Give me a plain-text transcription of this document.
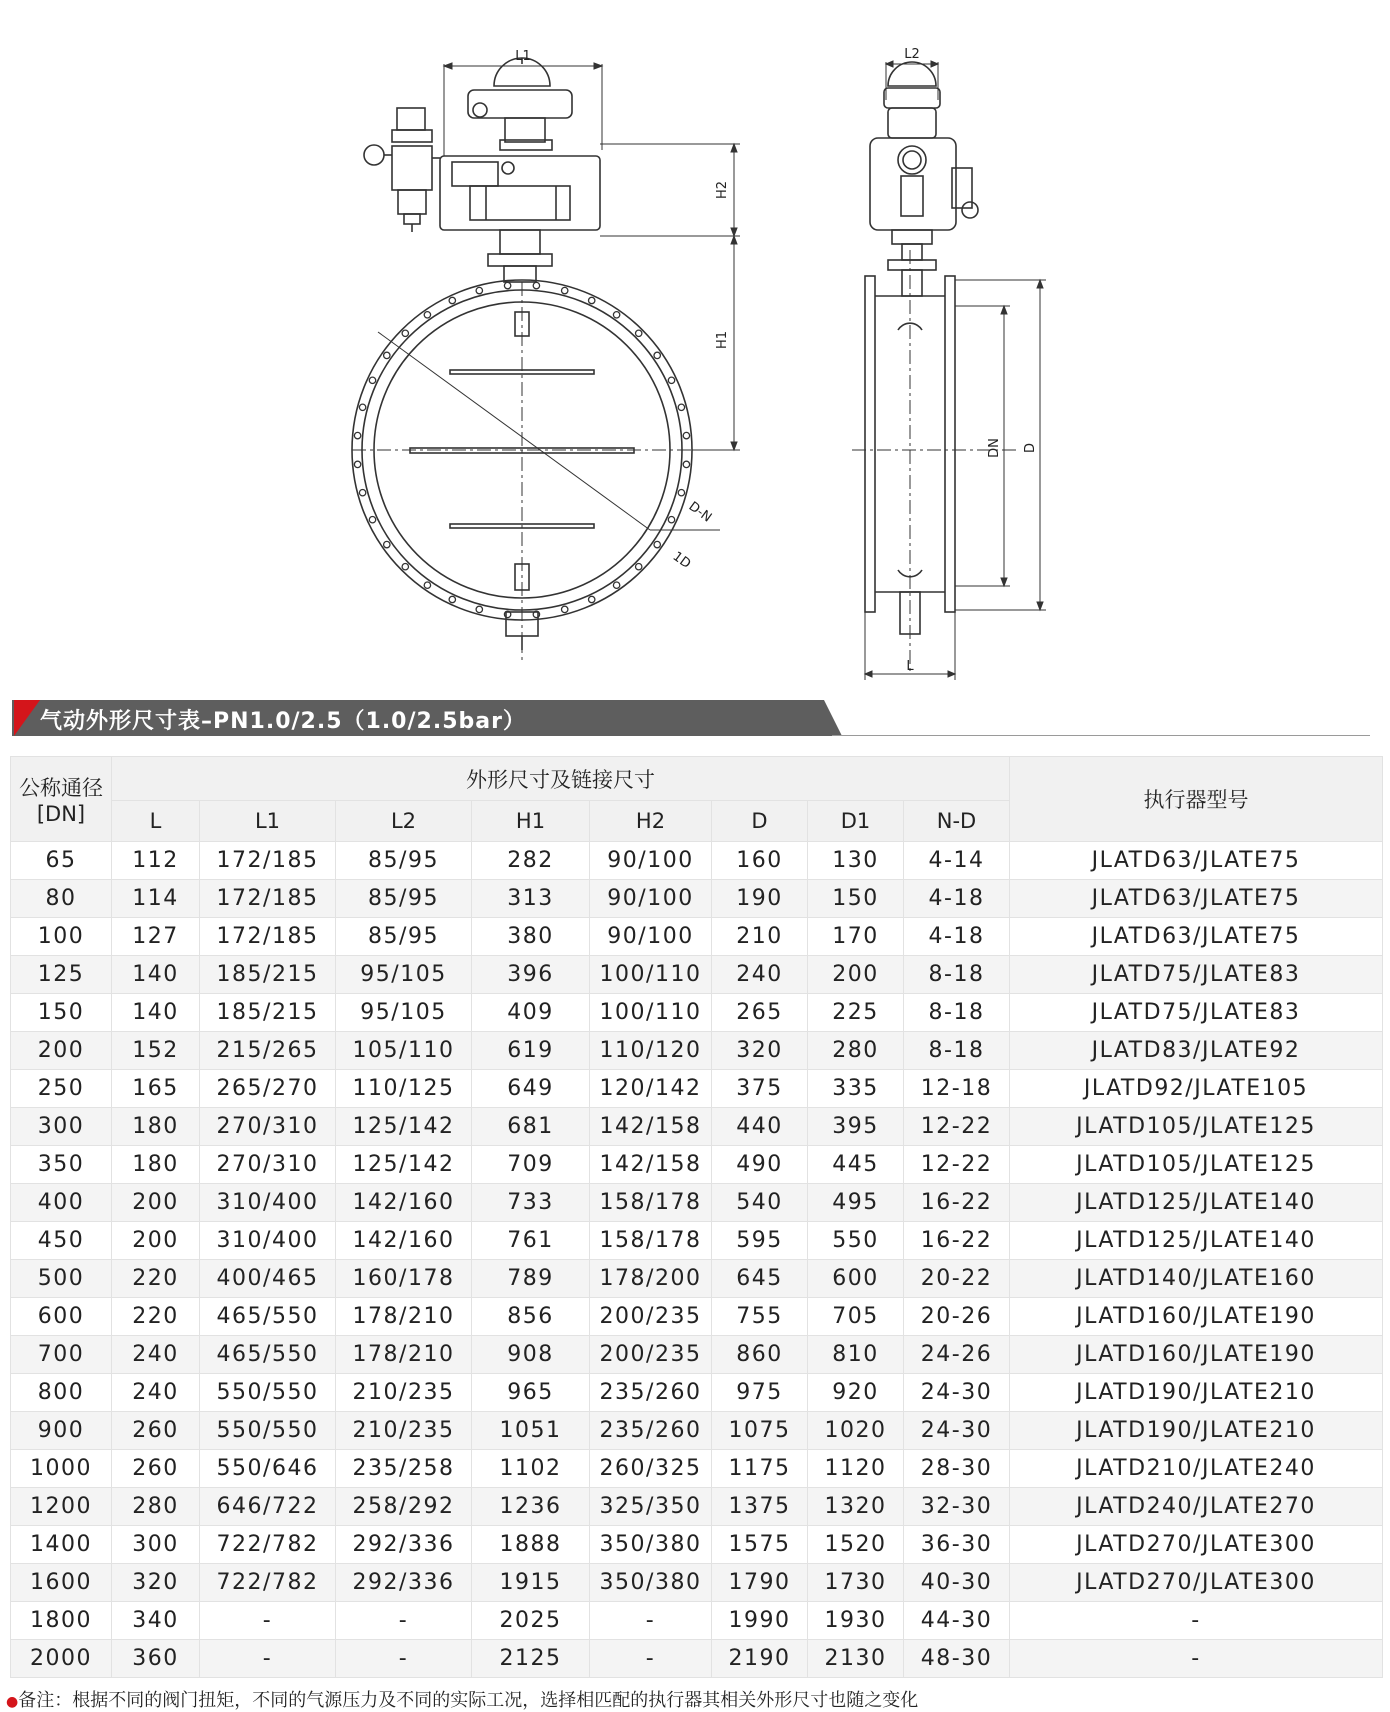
L1	L2
H2
H1
DN D
L
D-N
1D
气动外形尺寸表–PN1.0/2.5（1.0/2.5bar）
公称通径
[DN]	外形尺寸及链接尺寸								执行器型号
	L	L1	L2	H1	H2	D	D1	N-D	
65	112	172/185	85/95	282	90/100	160	130	4-14	JLATD63/JLATE75
80	114	172/185	85/95	313	90/100	190	150	4-18	JLATD63/JLATE75
100	127	172/185	85/95	380	90/100	210	170	4-18	JLATD63/JLATE75
125	140	185/215	95/105	396	100/110	240	200	8-18	JLATD75/JLATE83
150	140	185/215	95/105	409	100/110	265	225	8-18	JLATD75/JLATE83
200	152	215/265	105/110	619	110/120	320	280	8-18	JLATD83/JLATE92
250	165	265/270	110/125	649	120/142	375	335	12-18	JLATD92/JLATE105
300	180	270/310	125/142	681	142/158	440	395	12-22	JLATD105/JLATE125
350	180	270/310	125/142	709	142/158	490	445	12-22	JLATD105/JLATE125
400	200	310/400	142/160	733	158/178	540	495	16-22	JLATD125/JLATE140
450	200	310/400	142/160	761	158/178	595	550	16-22	JLATD125/JLATE140
500	220	400/465	160/178	789	178/200	645	600	20-22	JLATD140/JLATE160
600	220	465/550	178/210	856	200/235	755	705	20-26	JLATD160/JLATE190
700	240	465/550	178/210	908	200/235	860	810	24-26	JLATD160/JLATE190
800	240	550/550	210/235	965	235/260	975	920	24-30	JLATD190/JLATE210
900	260	550/550	210/235	1051	235/260	1075	1020	24-30	JLATD190/JLATE210
1000	260	550/646	235/258	1102	260/325	1175	1120	28-30	JLATD210/JLATE240
1200	280	646/722	258/292	1236	325/350	1375	1320	32-30	JLATD240/JLATE270
1400	300	722/782	292/336	1888	350/380	1575	1520	36-30	JLATD270/JLATE300
1600	320	722/782	292/336	1915	350/380	1790	1730	40-30	JLATD270/JLATE300
1800	340	-	-	2025	-	1990	1930	44-30	-
2000	360	-	-	2125	-	2190	2130	48-30	-
●备注：根据不同的阀门扭矩，不同的气源压力及不同的实际工况，选择相匹配的执行器其相关外形尺寸也随之变化
